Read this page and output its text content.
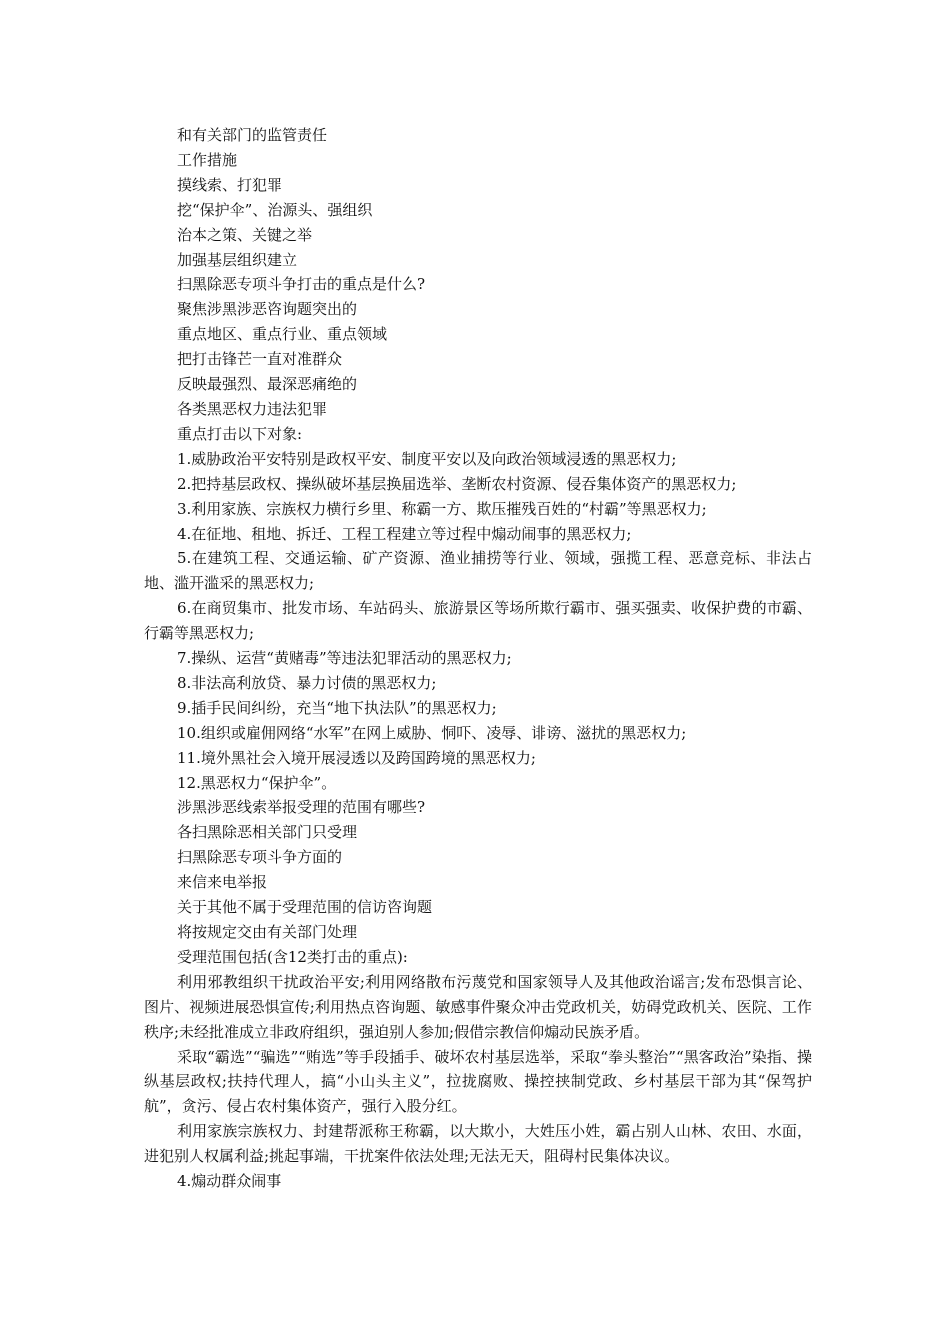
和有关部门的监管责任

工作措施

摸线索、打犯罪

挖“保护伞”、治源头、强组织

治本之策、关键之举

加强基层组织建立

扫黑除恶专项斗争打击的重点是什么?

聚焦涉黑涉恶咨询题突出的

重点地区、重点行业、重点领域

把打击锋芒一直对准群众

反映最强烈、最深恶痛绝的

各类黑恶权力违法犯罪

重点打击以下对象:

1.威胁政治平安特别是政权平安、制度平安以及向政治领域浸透的黑恶权力;

2.把持基层政权、操纵破坏基层换届选举、垄断农村资源、侵吞集体资产的黑恶权力;

3.利用家族、宗族权力横行乡里、称霸一方、欺压摧残百姓的“村霸”等黑恶权力;

4.在征地、租地、拆迁、工程工程建立等过程中煽动闹事的黑恶权力;

5.在建筑工程、交通运输、矿产资源、渔业捕捞等行业、领域，强揽工程、恶意竞标、非法占地、滥开滥采的黑恶权力;

6.在商贸集市、批发市场、车站码头、旅游景区等场所欺行霸市、强买强卖、收保护费的市霸、行霸等黑恶权力;

7.操纵、运营“黄赌毒”等违法犯罪活动的黑恶权力;

8.非法高利放贷、暴力讨债的黑恶权力;

9.插手民间纠纷，充当“地下执法队”的黑恶权力;

10.组织或雇佣网络“水军”在网上威胁、恫吓、凌辱、诽谤、滋扰的黑恶权力;

11.境外黑社会入境开展浸透以及跨国跨境的黑恶权力;

12.黑恶权力“保护伞”。

涉黑涉恶线索举报受理的范围有哪些?

各扫黑除恶相关部门只受理

扫黑除恶专项斗争方面的

来信来电举报

关于其他不属于受理范围的信访咨询题

将按规定交由有关部门处理

受理范围包括(含12类打击的重点):

利用邪教组织干扰政治平安;利用网络散布污蔑党和国家领导人及其他政治谣言;发布恐惧言论、图片、视频进展恐惧宣传;利用热点咨询题、敏感事件聚众冲击党政机关，妨碍党政机关、医院、工作秩序;未经批准成立非政府组织，强迫别人参加;假借宗教信仰煽动民族矛盾。

采取“霸选”“骗选”“贿选”等手段插手、破坏农村基层选举，采取“拳头整治”“黑客政治”染指、操纵基层政权;扶持代理人，搞“小山头主义”，拉拢腐败、操控挟制党政、乡村基层干部为其“保驾护航”，贪污、侵占农村集体资产，强行入股分红。

利用家族宗族权力、封建帮派称王称霸，以大欺小，大姓压小姓，霸占别人山林、农田、水面，进犯别人权属利益;挑起事端，干扰案件依法处理;无法无天，阻碍村民集体决议。

4.煽动群众闹事
